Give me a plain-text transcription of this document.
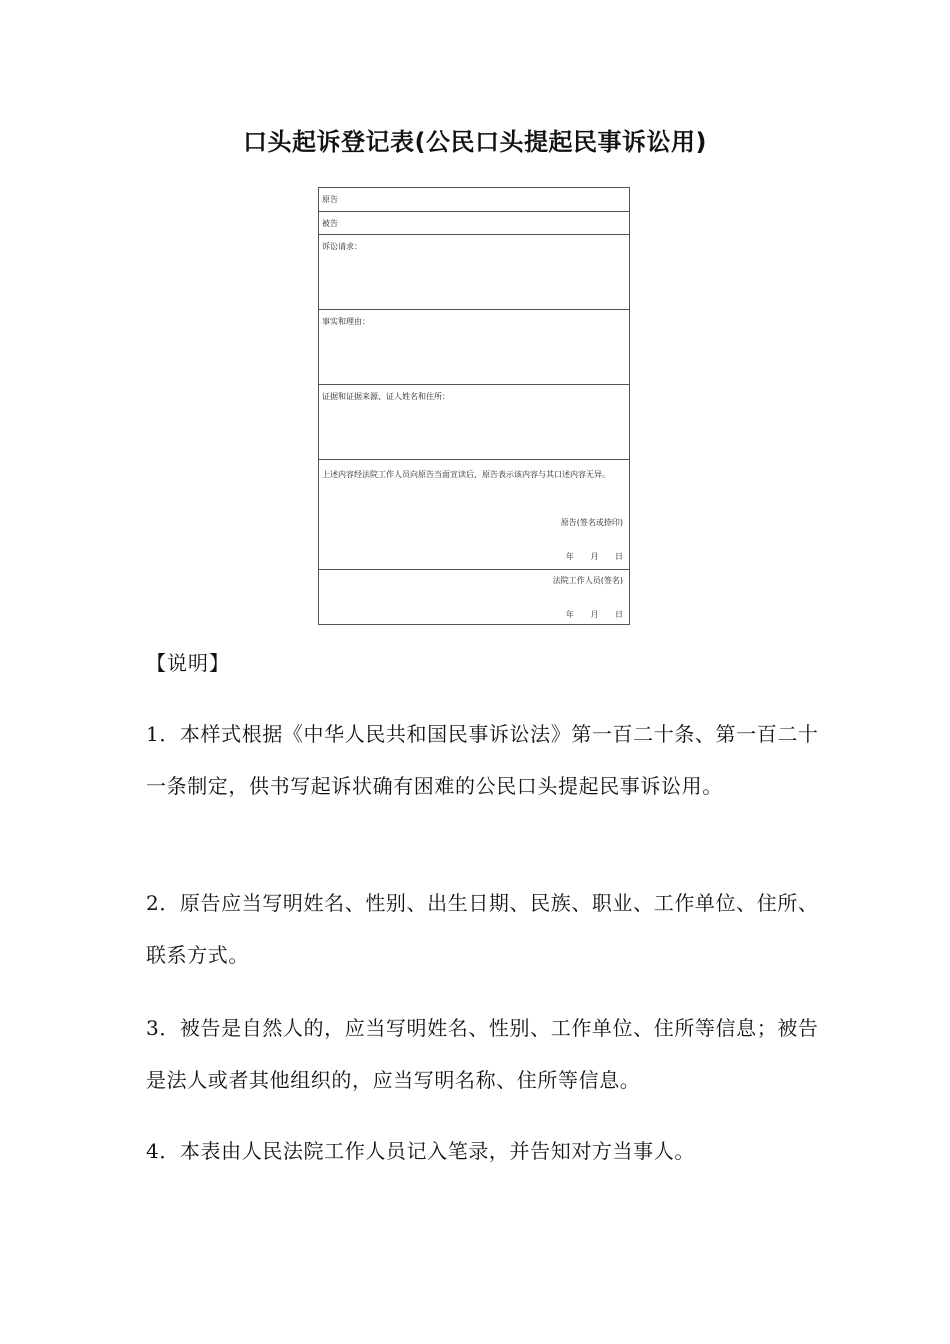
口头起诉登记表(公民口头提起民事诉讼用)
原告
被告
诉讼请求：
事实和理由：
证据和证据来源、证人姓名和住所：
上述内容经法院工作人员向原告当面宣读后，原告表示该内容与其口述内容无异。
原告(签名或捺印)
年 月 日
法院工作人员(签名)
年 月 日
【说明】

1．本样式根据《中华人民共和国民事诉讼法》第一百二十条、第一百二十一条制定，供书写起诉状确有困难的公民口头提起民事诉讼用。

2．原告应当写明姓名、性别、出生日期、民族、职业、工作单位、住所、联系方式。

3．被告是自然人的，应当写明姓名、性别、工作单位、住所等信息；被告是法人或者其他组织的，应当写明名称、住所等信息。

4．本表由人民法院工作人员记入笔录，并告知对方当事人。
